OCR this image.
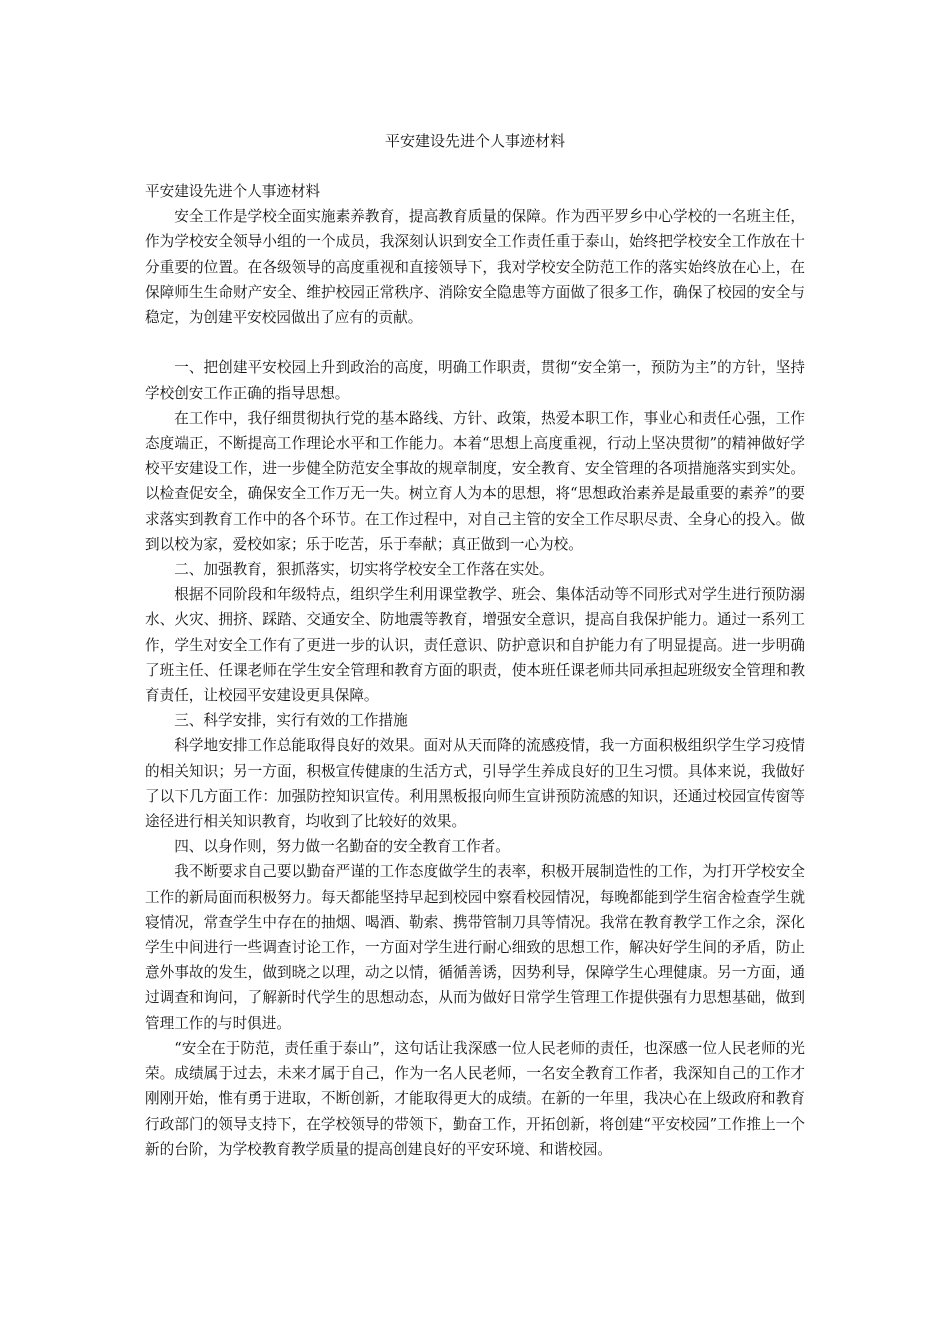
平安建设先进个人事迹材料

平安建设先进个人事迹材料

安全工作是学校全面实施素养教育，提高教育质量的保障。作为西平罗乡中心学校的一名班主任，作为学校安全领导小组的一个成员，我深刻认识到安全工作责任重于泰山，始终把学校安全工作放在十分重要的位置。在各级领导的高度重视和直接领导下，我对学校安全防范工作的落实始终放在心上，在保障师生生命财产安全、维护校园正常秩序、消除安全隐患等方面做了很多工作，确保了校园的安全与稳定，为创建平安校园做出了应有的贡献。

一、把创建平安校园上升到政治的高度，明确工作职责，贯彻“安全第一，预防为主”的方针，坚持学校创安工作正确的指导思想。

在工作中，我仔细贯彻执行党的基本路线、方针、政策，热爱本职工作，事业心和责任心强，工作态度端正，不断提高工作理论水平和工作能力。本着“思想上高度重视，行动上坚决贯彻”的精神做好学校平安建设工作，进一步健全防范安全事故的规章制度，安全教育、安全管理的各项措施落实到实处。以检查促安全，确保安全工作万无一失。树立育人为本的思想，将“思想政治素养是最重要的素养”的要求落实到教育工作中的各个环节。在工作过程中，对自己主管的安全工作尽职尽责、全身心的投入。做到以校为家，爱校如家；乐于吃苦，乐于奉献；真正做到一心为校。

二、加强教育，狠抓落实，切实将学校安全工作落在实处。

根据不同阶段和年级特点，组织学生利用课堂教学、班会、集体活动等不同形式对学生进行预防溺水、火灾、拥挤、踩踏、交通安全、防地震等教育，增强安全意识，提高自我保护能力。通过一系列工作，学生对安全工作有了更进一步的认识，责任意识、防护意识和自护能力有了明显提高。进一步明确了班主任、任课老师在学生安全管理和教育方面的职责，使本班任课老师共同承担起班级安全管理和教育责任，让校园平安建设更具保障。

三、科学安排，实行有效的工作措施

科学地安排工作总能取得良好的效果。面对从天而降的流感疫情，我一方面积极组织学生学习疫情的相关知识；另一方面，积极宣传健康的生活方式，引导学生养成良好的卫生习惯。具体来说，我做好了以下几方面工作：加强防控知识宣传。利用黑板报向师生宣讲预防流感的知识，还通过校园宣传窗等途径进行相关知识教育，均收到了比较好的效果。

四、以身作则，努力做一名勤奋的安全教育工作者。

我不断要求自己要以勤奋严谨的工作态度做学生的表率，积极开展制造性的工作，为打开学校安全工作的新局面而积极努力。每天都能坚持早起到校园中察看校园情况，每晚都能到学生宿舍检查学生就寝情况，常查学生中存在的抽烟、喝酒、勒索、携带管制刀具等情况。我常在教育教学工作之余，深化学生中间进行一些调查讨论工作，一方面对学生进行耐心细致的思想工作，解决好学生间的矛盾，防止意外事故的发生，做到晓之以理，动之以情，循循善诱，因势利导，保障学生心理健康。另一方面，通过调查和询问，了解新时代学生的思想动态，从而为做好日常学生管理工作提供强有力思想基础，做到管理工作的与时俱进。

“安全在于防范，责任重于泰山”，这句话让我深感一位人民老师的责任，也深感一位人民老师的光荣。成绩属于过去，未来才属于自己，作为一名人民老师，一名安全教育工作者，我深知自己的工作才刚刚开始，惟有勇于进取，不断创新，才能取得更大的成绩。在新的一年里，我决心在上级政府和教育行政部门的领导支持下，在学校领导的带领下，勤奋工作，开拓创新，将创建“平安校园”工作推上一个新的台阶，为学校教育教学质量的提高创建良好的平安环境、和谐校园。
